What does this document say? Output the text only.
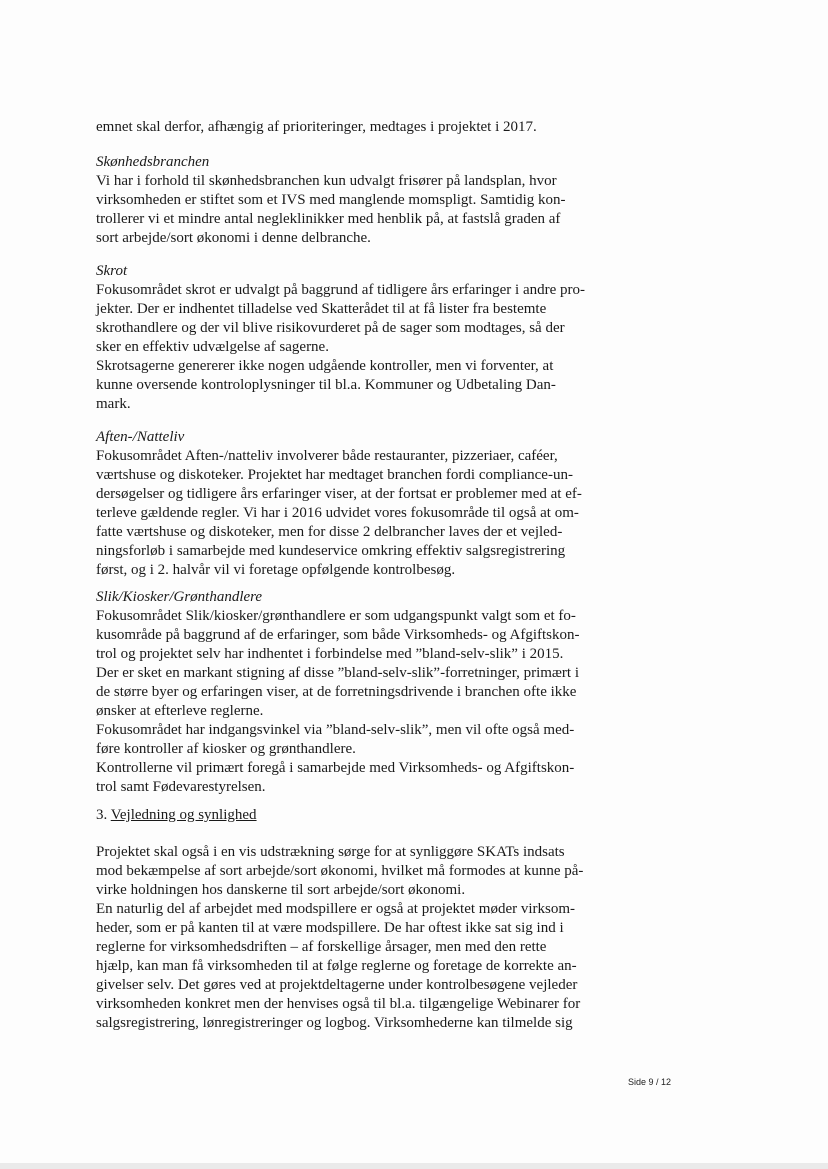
emnet skal derfor, afhængig af prioriteringer, medtages i projektet i 2017.
Skønhedsbranchen
Vi har i forhold til skønhedsbranchen kun udvalgt frisører på landsplan, hvor
virksomheden er stiftet som et IVS med manglende momspligt. Samtidig kon-
trollerer vi et mindre antal negleklinikker med henblik på, at fastslå graden af
sort arbejde/sort økonomi i denne delbranche.
Skrot
Fokusområdet skrot er udvalgt på baggrund af tidligere års erfaringer i andre pro-
jekter. Der er indhentet tilladelse ved Skatterådet til at få lister fra bestemte
skrothandlere og der vil blive risikovurderet på de sager som modtages, så der
sker en effektiv udvælgelse af sagerne.
Skrotsagerne genererer ikke nogen udgående kontroller, men vi forventer, at
kunne oversende kontroloplysninger til bl.a. Kommuner og Udbetaling Dan-
mark.
Aften-/Natteliv
Fokusområdet Aften-/natteliv involverer både restauranter, pizzeriaer, caféer,
værtshuse og diskoteker. Projektet har medtaget branchen fordi compliance-un-
dersøgelser og tidligere års erfaringer viser, at der fortsat er problemer med at ef-
terleve gældende regler. Vi har i 2016 udvidet vores fokusområde til også at om-
fatte værtshuse og diskoteker, men for disse 2 delbrancher laves der et vejled-
ningsforløb i samarbejde med kundeservice omkring effektiv salgsregistrering
først, og i 2. halvår vil vi foretage opfølgende kontrolbesøg.
Slik/Kiosker/Grønthandlere
Fokusområdet Slik/kiosker/grønthandlere er som udgangspunkt valgt som et fo-
kusområde på baggrund af de erfaringer, som både Virksomheds- og Afgiftskon-
trol og projektet selv har indhentet i forbindelse med ”bland-selv-slik” i 2015.
Der er sket en markant stigning af disse ”bland-selv-slik”-forretninger, primært i
de større byer og erfaringen viser, at de forretningsdrivende i branchen ofte ikke
ønsker at efterleve reglerne.
Fokusområdet har indgangsvinkel via ”bland-selv-slik”, men vil ofte også med-
føre kontroller af kiosker og grønthandlere.
Kontrollerne vil primært foregå i samarbejde med Virksomheds- og Afgiftskon-
trol samt Fødevarestyrelsen.
3. Vejledning og synlighed
Projektet skal også i en vis udstrækning sørge for at synliggøre SKATs indsats
mod bekæmpelse af sort arbejde/sort økonomi, hvilket må formodes at kunne på-
virke holdningen hos danskerne til sort arbejde/sort økonomi.
En naturlig del af arbejdet med modspillere er også at projektet møder virksom-
heder, som er på kanten til at være modspillere. De har oftest ikke sat sig ind i
reglerne for virksomhedsdriften – af forskellige årsager, men med den rette
hjælp, kan man få virksomheden til at følge reglerne og foretage de korrekte an-
givelser selv. Det gøres ved at projektdeltagerne under kontrolbesøgene vejleder
virksomheden konkret men der henvises også til bl.a. tilgængelige Webinarer for
salgsregistrering, lønregistreringer og logbog. Virksomhederne kan tilmelde sig
Side 9 / 12
